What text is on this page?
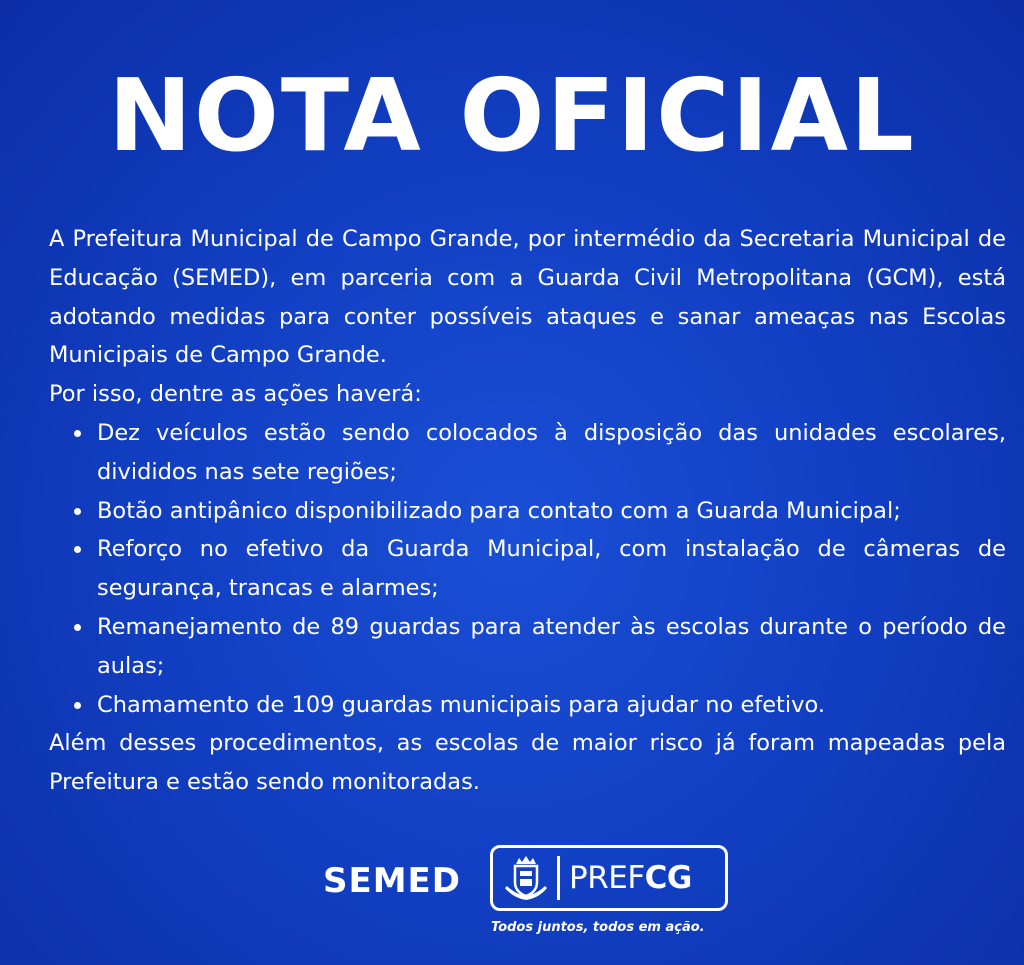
NOTA OFICIAL

A Prefeitura Municipal de Campo Grande, por intermédio da Secretaria Municipal de Educação (SEMED), em parceria com a Guarda Civil Metropolitana (GCM), está adotando medidas para conter possíveis ataques e sanar ameaças nas Escolas Municipais de Campo Grande.

Por isso, dentre as ações haverá:

Dez veículos estão sendo colocados à disposição das unidades escolares, divididos nas sete regiões;
Botão antipânico disponibilizado para contato com a Guarda Municipal;
Reforço no efetivo da Guarda Municipal, com instalação de câmeras de segurança, trancas e alarmes;
Remanejamento de 89 guardas para atender às escolas durante o período de aulas;
Chamamento de 109 guardas municipais para ajudar no efetivo.

Além desses procedimentos, as escolas de maior risco já foram mapeadas pela Prefeitura e estão sendo monitoradas.

SEMED	PREFCG
Todos juntos, todos em ação.
